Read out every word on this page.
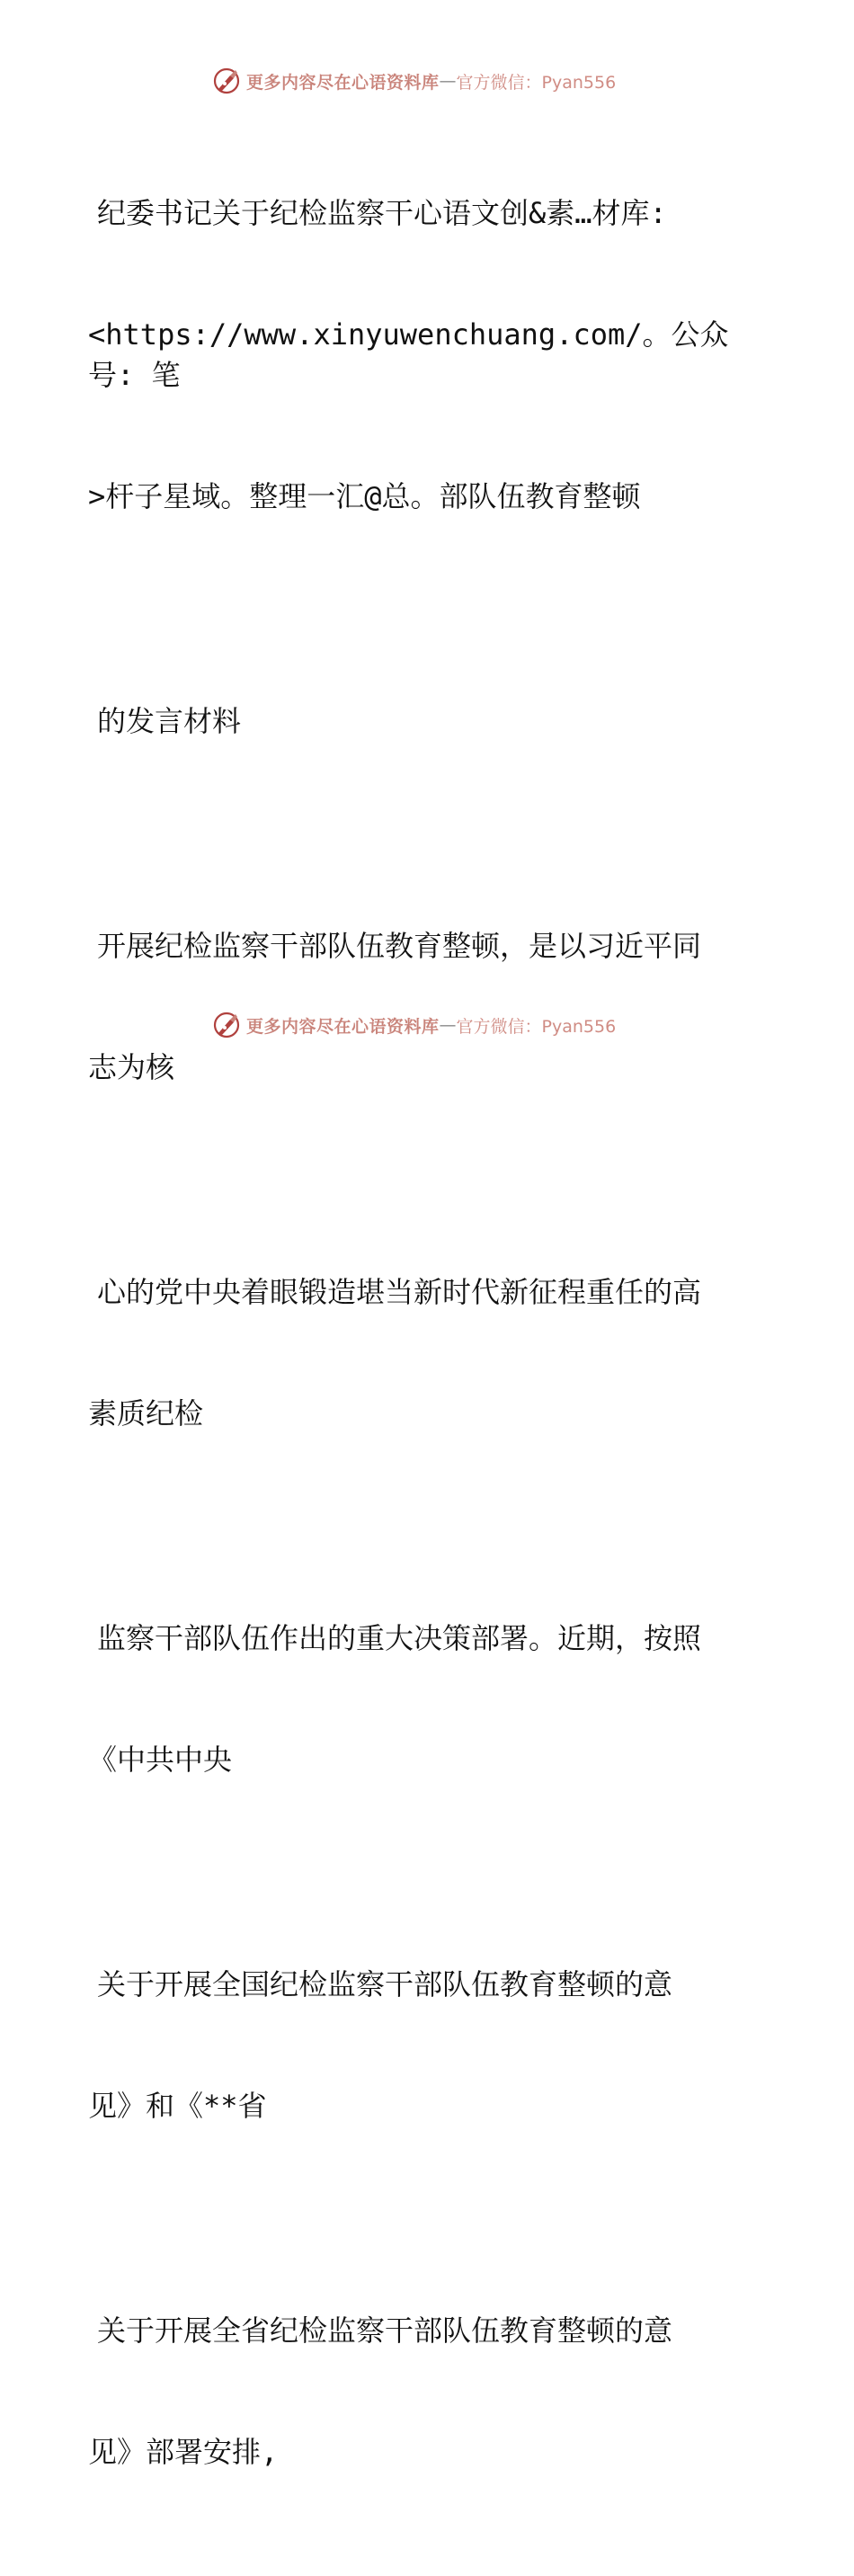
更多内容尽在心语资料库 — 官方微信：Pyan556

纪委书记关于纪检监察干心语文创&素…材库:

<https://www.xinyuwenchuang.com/。公众号: 笔

>杆子星域。整理一汇@总。部队伍教育整顿

的发言材料

开展纪检监察干部队伍教育整顿，是以习近平同

志为核

心的党中央着眼锻造堪当新时代新征程重任的高

素质纪检

监察干部队伍作出的重大决策部署。近期，按照

《中共中央

关于开展全国纪检监察干部队伍教育整顿的意

见》和《**省

关于开展全省纪检监察干部队伍教育整顿的意

见》部署安排,

更多内容尽在心语资料库 — 官方微信：Pyan556
